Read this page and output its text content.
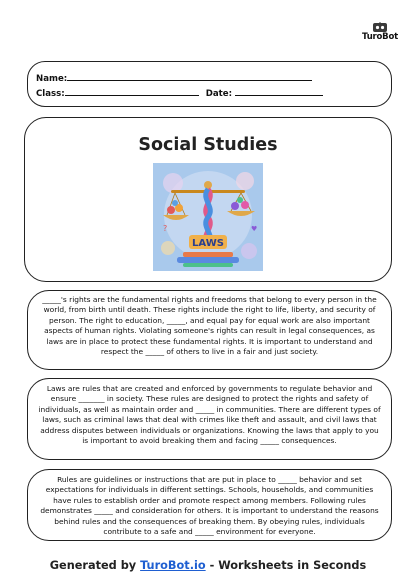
TuroBot
Name:
Class:	Date:
Social Studies
LAWS
?	♥
_____'s rights are the fundamental rights and freedoms that belong to every person in the world, from birth until death. These rights include the right to life, liberty, and security of person. The right to education, _____, and equal pay for equal work are also important aspects of human rights. Violating someone's rights can result in legal consequences, as laws are in place to protect these fundamental rights. It is important to understand and respect the _____ of others to live in a fair and just society.
Laws are rules that are created and enforced by governments to regulate behavior and ensure _______ in society. These rules are designed to protect the rights and safety of individuals, as well as maintain order and _____ in communities. There are different types of laws, such as criminal laws that deal with crimes like theft and assault, and civil laws that address disputes between individuals or organizations. Knowing the laws that apply to you is important to avoid breaking them and facing _____ consequences.
Rules are guidelines or instructions that are put in place to _____ behavior and set expectations for individuals in different settings. Schools, households, and communities have rules to establish order and promote respect among members. Following rules demonstrates _____ and consideration for others. It is important to understand the reasons behind rules and the consequences of breaking them. By obeying rules, individuals contribute to a safe and _____ environment for everyone.
Generated by TuroBot.io - Worksheets in Seconds
